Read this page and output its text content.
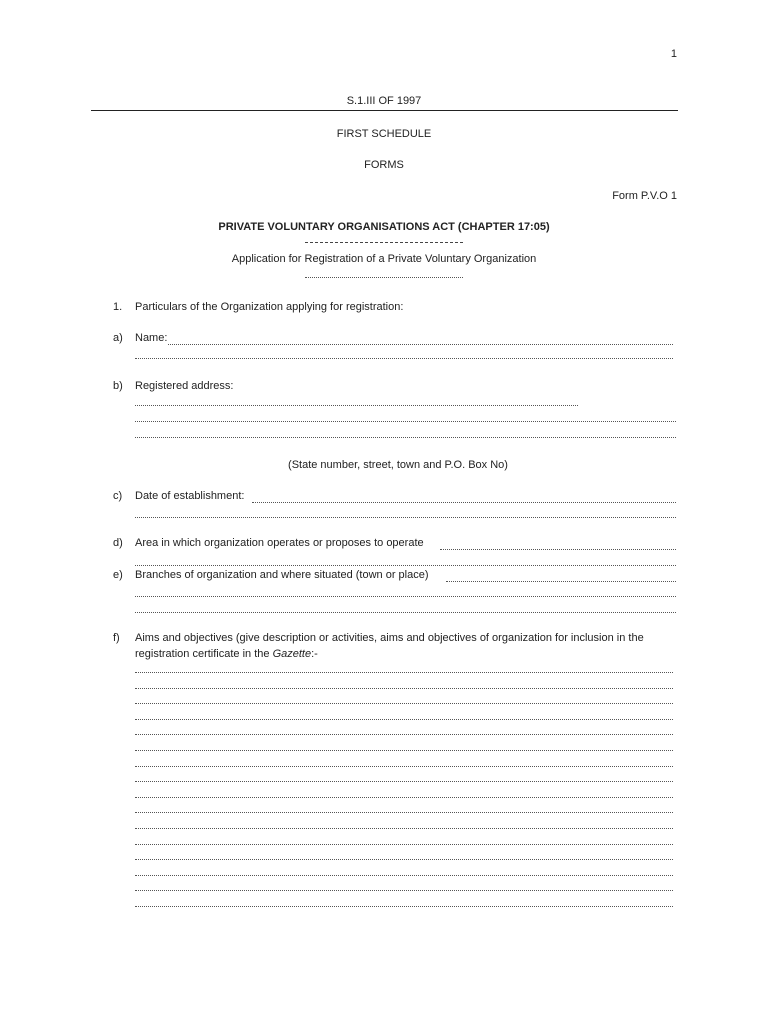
1
S.1.III OF 1997
FIRST SCHEDULE
FORMS
Form P.V.O 1
PRIVATE VOLUNTARY ORGANISATIONS ACT (CHAPTER 17:05)
Application for Registration of a Private Voluntary Organization
1. Particulars of the Organization applying for registration:
a) Name:
b) Registered address:
(State number, street, town and P.O. Box No)
c) Date of establishment:
d) Area in which organization operates or proposes to operate
e) Branches of organization and where situated (town or place)
f) Aims and objectives (give description or activities, aims and objectives of organization for inclusion in the
registration certificate in the Gazette:-
